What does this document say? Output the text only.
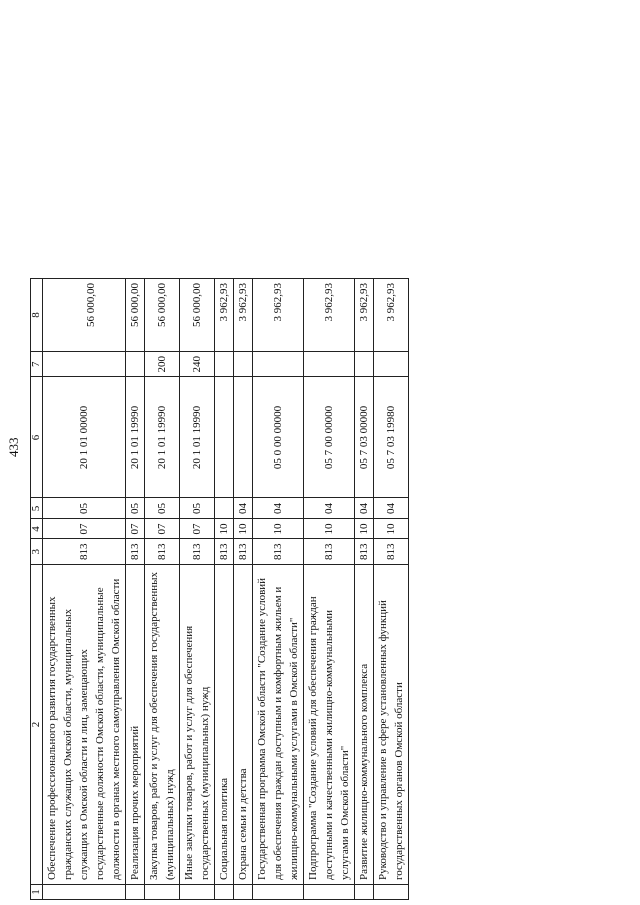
433
1	2	3	4	5	6	7	8
	Обеспечение профессионального развития государственных гражданских служащих Омской области, муниципальных служащих в Омской области и лиц, замещающих государственные должности Омской области, муниципальные должности в органах местного самоуправления Омской области	813	07	05	20 1 01 00000		56 000,00
	Реализация прочих мероприятий	813	07	05	20 1 01 19990		56 000,00
	Закупка товаров, работ и услуг для обеспечения государственных (муниципальных) нужд	813	07	05	20 1 01 19990	200	56 000,00
	Иные закупки товаров, работ и услуг для обеспечения государственных (муниципальных) нужд	813	07	05	20 1 01 19990	240	56 000,00
	Социальная политика	813	10				3 962,93
	Охрана семьи и детства	813	10	04			3 962,93
	Государственная программа Омской области "Создание условий для обеспечения граждан доступным и комфортным жильем и жилищно-коммунальными услугами в Омской области"	813	10	04	05 0 00 00000		3 962,93
	Подпрограмма "Создание условий для обеспечения граждан доступными и качественными жилищно-коммунальными услугами в Омской области"	813	10	04	05 7 00 00000		3 962,93
	Развитие жилищно-коммунального комплекса	813	10	04	05 7 03 00000		3 962,93
	Руководство и управление в сфере установленных функций государственных органов Омской области	813	10	04	05 7 03 19980		3 962,93
